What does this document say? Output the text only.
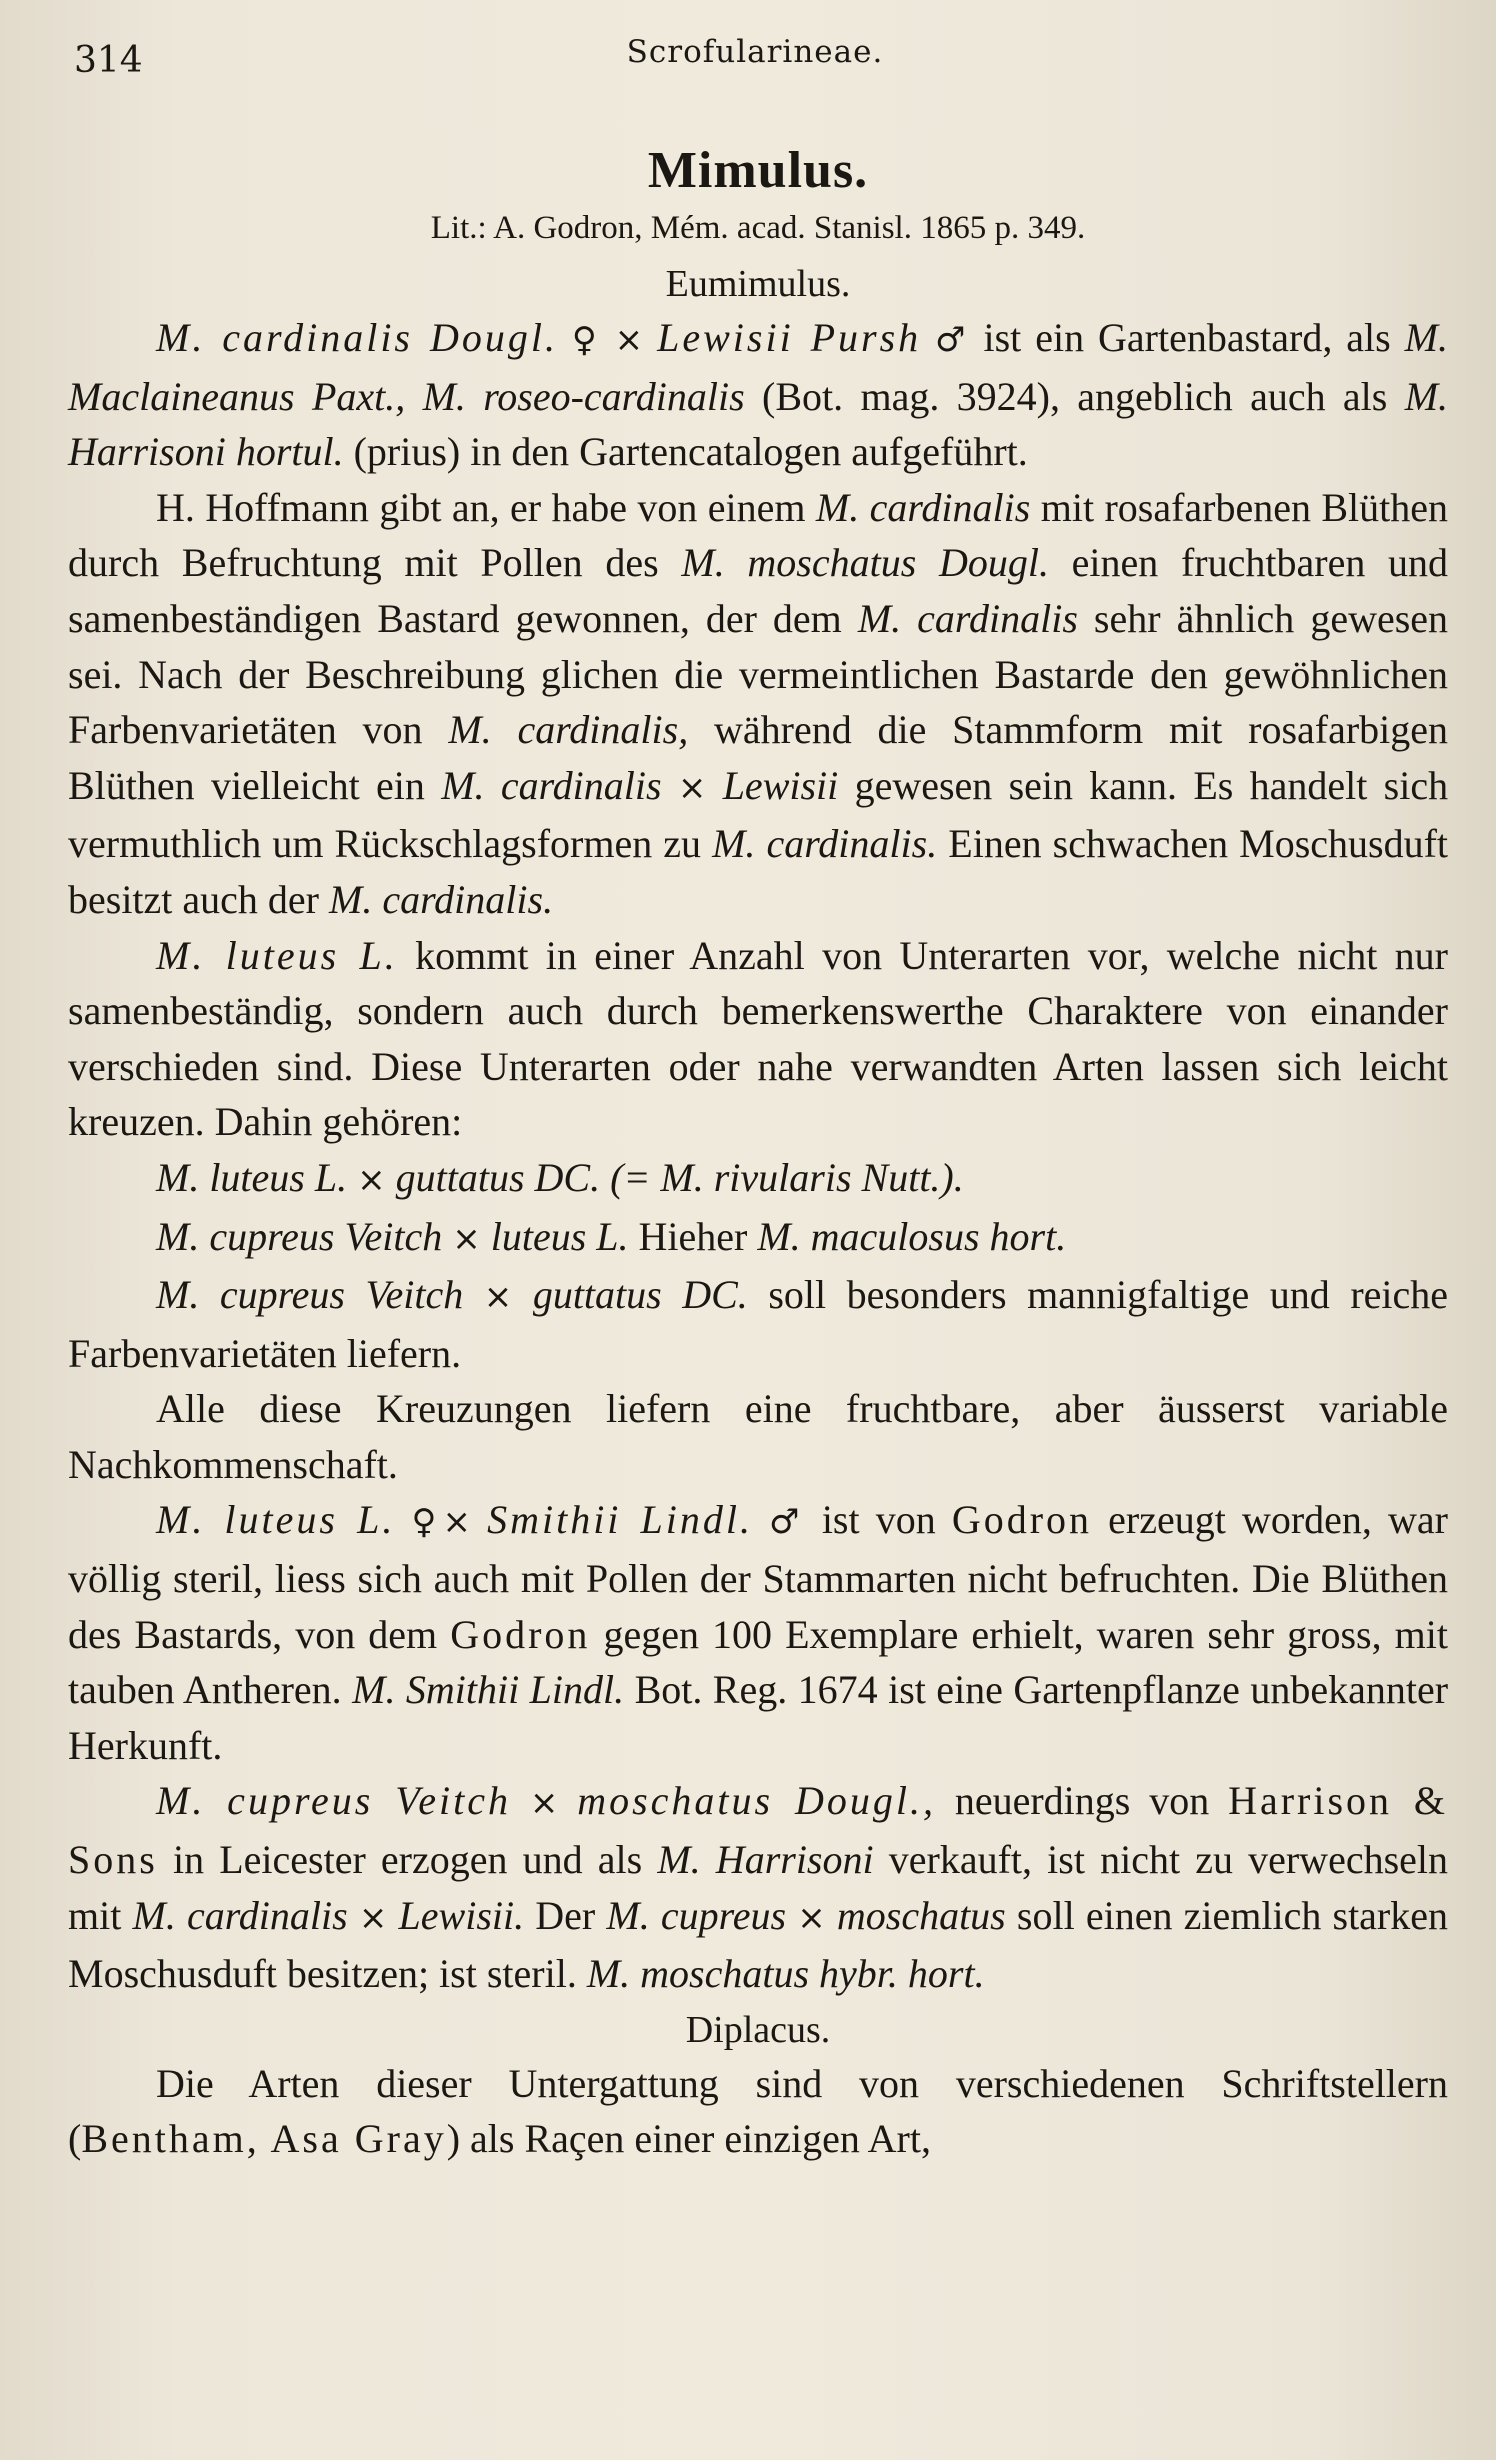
314	Scrofularineae.
Mimulus.
Lit.: A. Godron, Mém. acad. Stanisl. 1865 p. 349.
Eumimulus.

M. cardinalis Dougl. ♀ × Lewisii Pursh ♂ ist ein Gartenbastard, als M. Maclaineanus Paxt., M. roseo-cardinalis (Bot. mag. 3924), angeblich auch als M. Harrisoni hortul. (prius) in den Gartencatalogen aufgeführt.

H. Hoffmann gibt an, er habe von einem M. cardinalis mit rosafarbenen Blüthen durch Befruchtung mit Pollen des M. moschatus Dougl. einen fruchtbaren und samenbeständigen Bastard gewonnen, der dem M. cardinalis sehr ähnlich gewesen sei. Nach der Beschreibung glichen die vermeintlichen Bastarde den gewöhnlichen Farbenvarietäten von M. cardinalis, während die Stammform mit rosafarbigen Blüthen vielleicht ein M. cardinalis × Lewisii gewesen sein kann. Es handelt sich vermuthlich um Rückschlagsformen zu M. cardinalis. Einen schwachen Moschusduft besitzt auch der M. cardinalis.

M. luteus L. kommt in einer Anzahl von Unterarten vor, welche nicht nur samenbeständig, sondern auch durch bemerkenswerthe Charaktere von einander verschieden sind. Diese Unterarten oder nahe verwandten Arten lassen sich leicht kreuzen. Dahin gehören:

M. luteus L. × guttatus DC. (= M. rivularis Nutt.).

M. cupreus Veitch × luteus L. Hieher M. maculosus hort.

M. cupreus Veitch × guttatus DC. soll besonders mannigfaltige und reiche Farbenvarietäten liefern.

Alle diese Kreuzungen liefern eine fruchtbare, aber äusserst variable Nachkommenschaft.

M. luteus L. ♀× Smithii Lindl. ♂ ist von Godron erzeugt worden, war völlig steril, liess sich auch mit Pollen der Stammarten nicht befruchten. Die Blüthen des Bastards, von dem Godron gegen 100 Exemplare erhielt, waren sehr gross, mit tauben Antheren. M. Smithii Lindl. Bot. Reg. 1674 ist eine Gartenpflanze unbekannter Herkunft.

M. cupreus Veitch × moschatus Dougl., neuerdings von Harrison & Sons in Leicester erzogen und als M. Harrisoni verkauft, ist nicht zu verwechseln mit M. cardinalis × Lewisii. Der M. cupreus × moschatus soll einen ziemlich starken Moschusduft besitzen; ist steril. M. moschatus hybr. hort.

Diplacus.

Die Arten dieser Untergattung sind von verschiedenen Schriftstellern (Bentham, Asa Gray) als Raçen einer einzigen Art,
